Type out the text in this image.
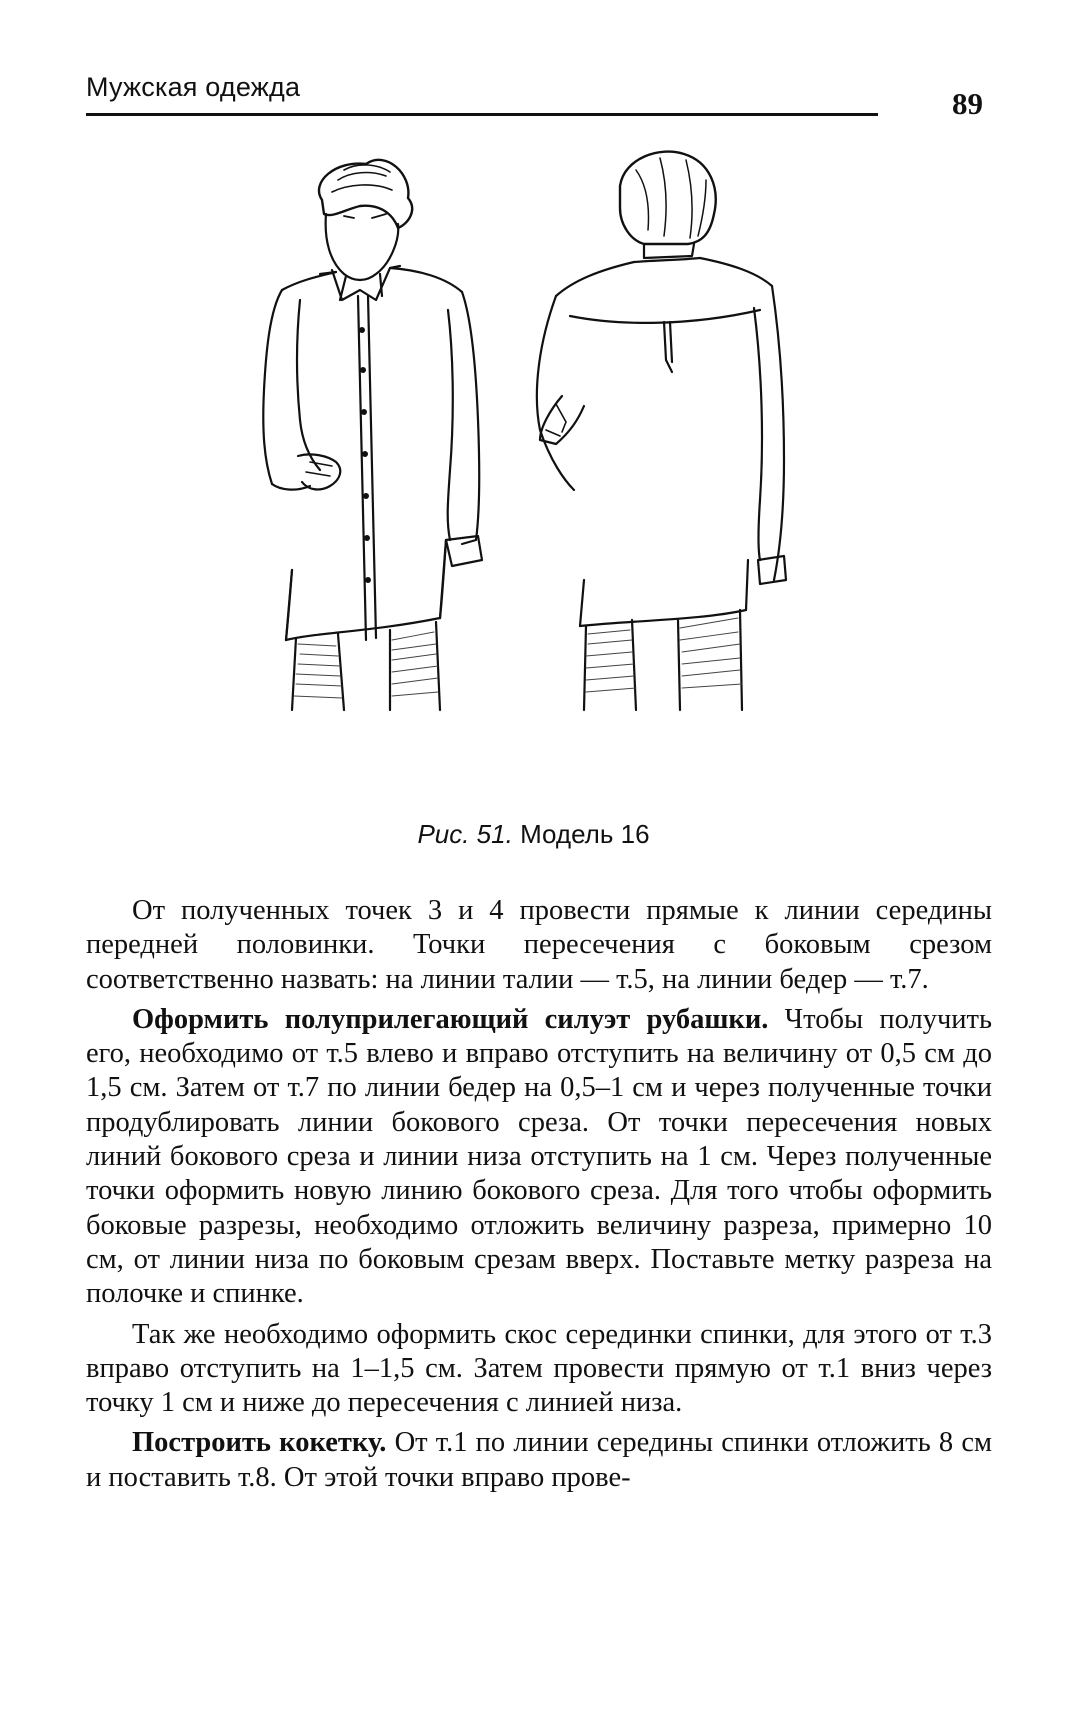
Мужская одежда	89
Рис. 51. Модель 16

От полученных точек 3 и 4 провести прямые к линии середины передней половинки. Точки пересечения с боковым срезом соответственно назвать: на линии талии — т.5, на линии бедер — т.7.

Оформить полуприлегающий силуэт рубашки. Чтобы получить его, необходимо от т.5 влево и вправо отступить на величину от 0,5 см до 1,5 см. Затем от т.7 по линии бедер на 0,5–1 см и через полученные точки продублировать линии бокового среза. От точки пересечения новых линий бокового среза и линии низа отступить на 1 см. Через полученные точки оформить новую линию бокового среза. Для того чтобы оформить боковые разрезы, необходимо отложить величину разреза, примерно 10 см, от линии низа по боковым срезам вверх. Поставьте метку разреза на полочке и спинке.

Так же необходимо оформить скос серединки спинки, для этого от т.3 вправо отступить на 1–1,5 см. Затем провести прямую от т.1 вниз через точку 1 см и ниже до пересечения с линией низа.

Построить кокетку. От т.1 по линии середины спинки отложить 8 см и поставить т.8. От этой точки вправо прове-
